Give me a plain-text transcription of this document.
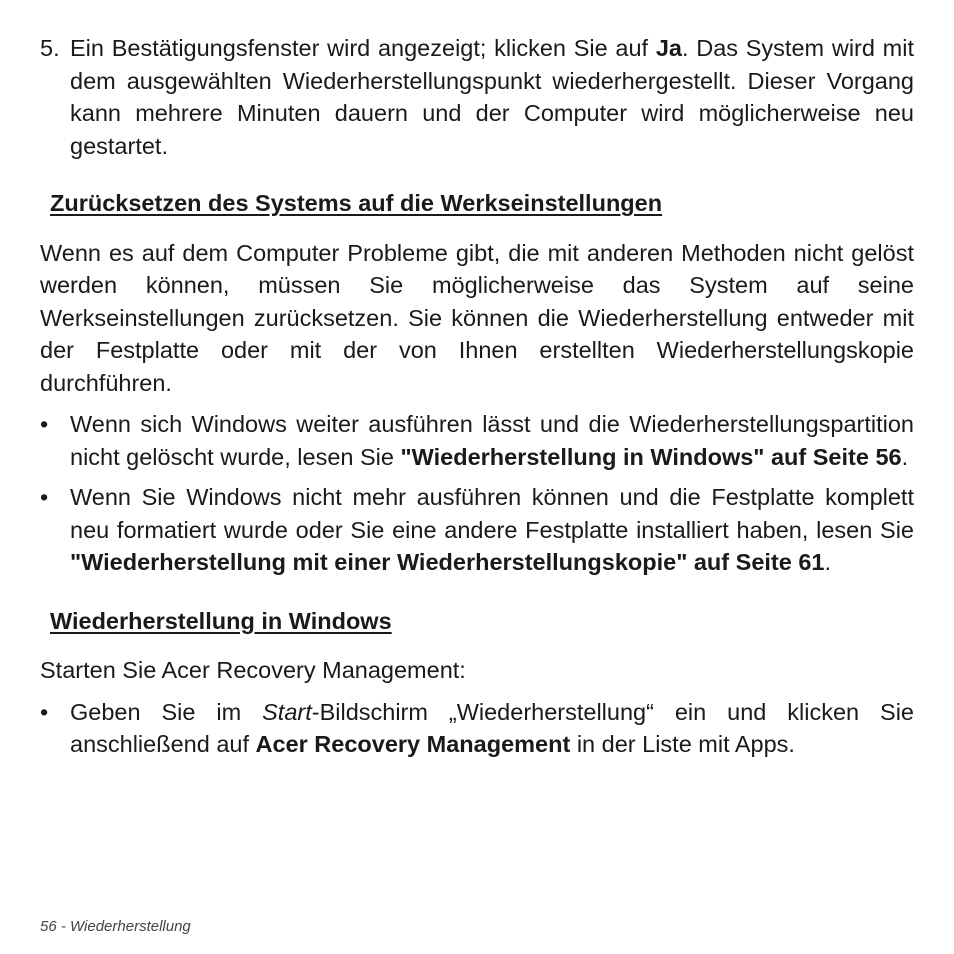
5. Ein Bestätigungsfenster wird angezeigt; klicken Sie auf Ja. Das System wird mit dem ausgewählten Wiederherstellungspunkt wiederhergestellt. Dieser Vorgang kann mehrere Minuten dauern und der Computer wird möglicherweise neu gestartet.
Zurücksetzen des Systems auf die Werkseinstellungen

Wenn es auf dem Computer Probleme gibt, die mit anderen Methoden nicht gelöst werden können, müssen Sie möglicherweise das System auf seine Werkseinstellungen zurücksetzen. Sie können die Wiederherstellung entweder mit der Festplatte oder mit der von Ihnen erstellten Wiederherstellungskopie durchführen.

• Wenn sich Windows weiter ausführen lässt und die Wiederherstellungspartition nicht gelöscht wurde, lesen Sie "Wiederherstellung in Windows" auf Seite 56.
• Wenn Sie Windows nicht mehr ausführen können und die Festplatte komplett neu formatiert wurde oder Sie eine andere Festplatte installiert haben, lesen Sie "Wiederherstellung mit einer Wiederherstellungskopie" auf Seite 61.
Wiederherstellung in Windows

Starten Sie Acer Recovery Management:

• Geben Sie im Start-Bildschirm „Wiederherstellung“ ein und klicken Sie anschließend auf Acer Recovery Management in der Liste mit Apps.
56 - Wiederherstellung
